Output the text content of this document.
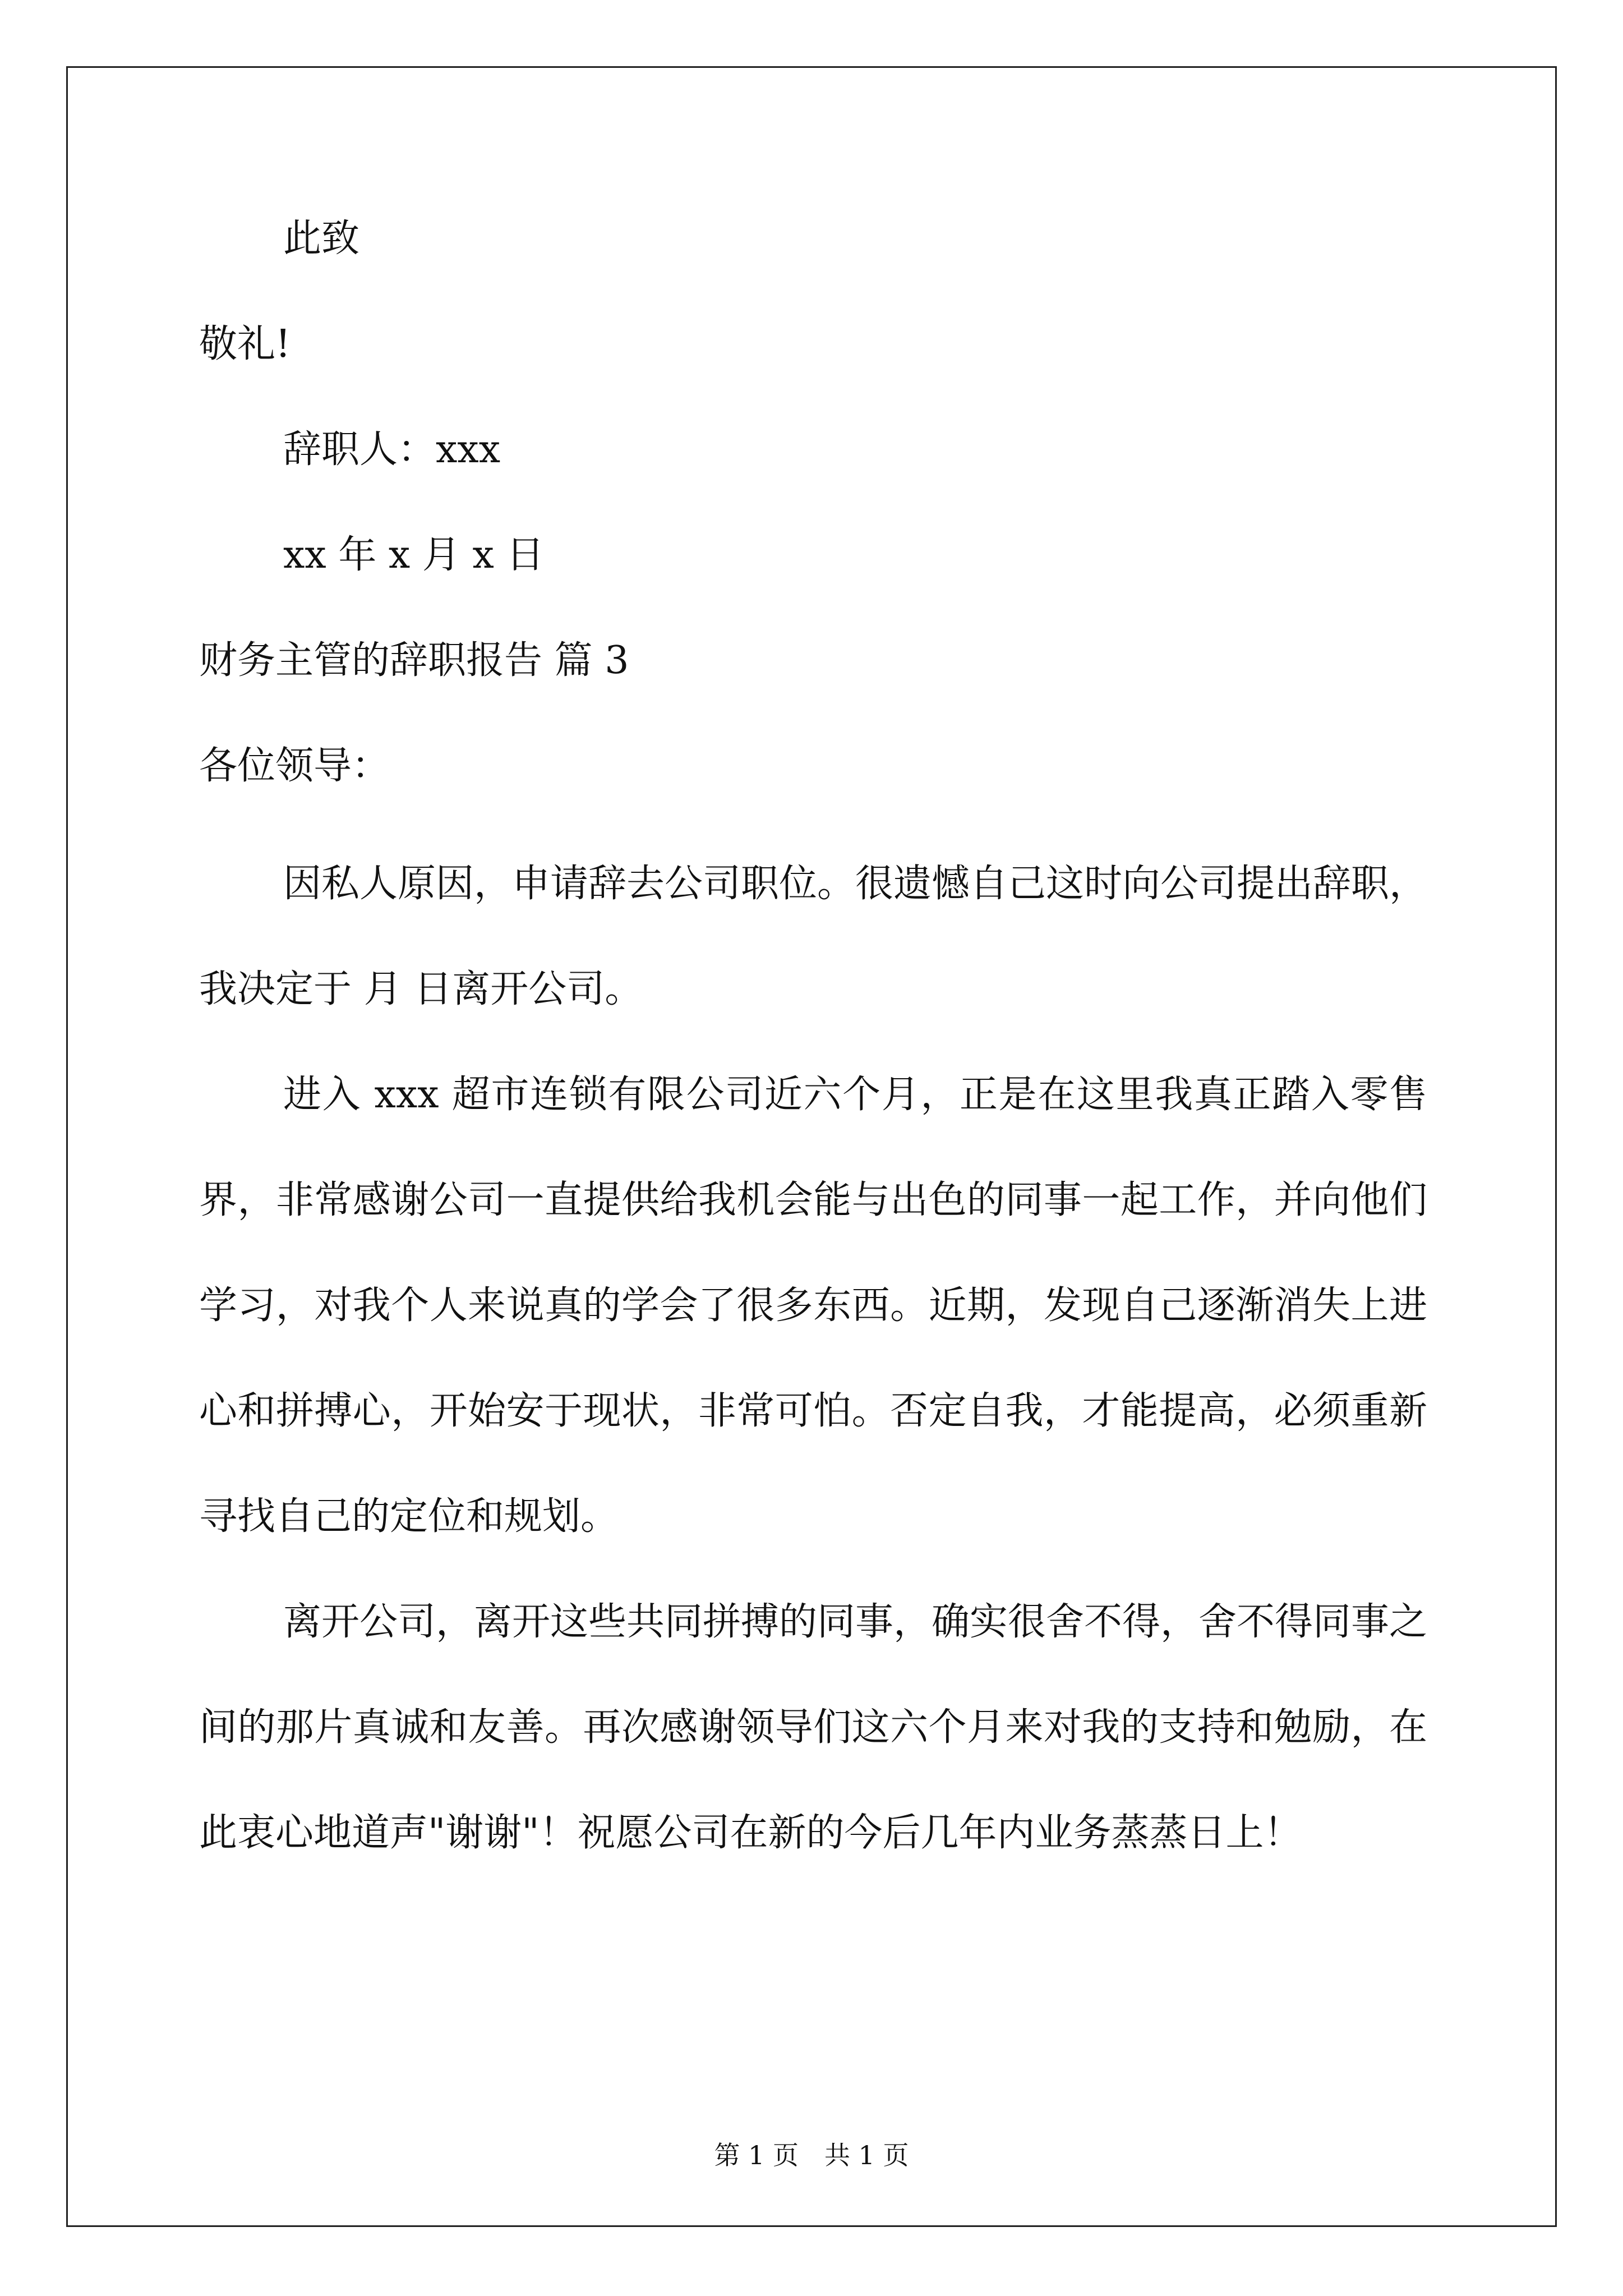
此致
敬礼!
辞职人：xxx
xx 年 x 月 x 日
财务主管的辞职报告 篇 3
各位领导：
因私人原因，申请辞去公司职位。很遗憾自己这时向公司提出辞职，我决定于 月 日离开公司。
进入 xxx 超市连锁有限公司近六个月，正是在这里我真正踏入零售界，非常感谢公司一直提供给我机会能与出色的同事一起工作，并向他们学习，对我个人来说真的学会了很多东西。近期，发现自己逐渐消失上进心和拼搏心，开始安于现状，非常可怕。否定自我，才能提高，必须重新寻找自己的定位和规划。
离开公司，离开这些共同拼搏的同事，确实很舍不得，舍不得同事之间的那片真诚和友善。再次感谢领导们这六个月来对我的支持和勉励，在此衷心地道声"谢谢"！祝愿公司在新的今后几年内业务蒸蒸日上！
第 1 页　共 1 页
